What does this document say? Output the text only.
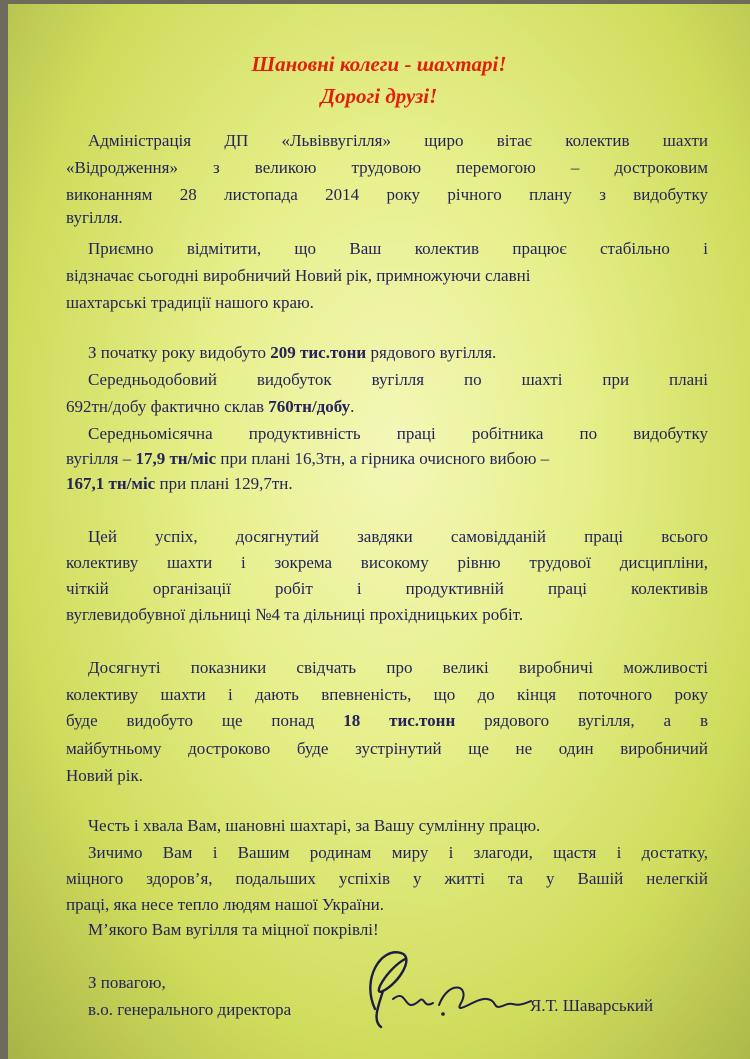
Шановні колеги - шахтарі!
Дорогі друзі!
Адміністрація ДП «Львіввугілля» щиро вітає колектив шахти
«Відродження» з великою трудовою перемогою – достроковим
виконанням 28 листопада 2014 року річного плану з видобутку
вугілля.
Приємно відмітити, що Ваш колектив працює стабільно і
відзначає сьогодні виробничий Новий рік, примножуючи славні
шахтарські традиції нашого краю.
З початку року видобуто 209 тис.тони рядового вугілля.
Середньодобовий видобуток вугілля по шахті при плані
692тн/добу фактично склав 760тн/добу.
Середньомісячна продуктивність праці робітника по видобутку
вугілля – 17,9 тн/міс при плані 16,3тн, а гірника очисного вибою –
167,1 тн/міс при плані 129,7тн.
Цей успіх, досягнутий завдяки самовідданій праці всього
колективу шахти і зокрема високому рівню трудової дисципліни,
чіткій організації робіт і продуктивній праці колективів
вуглевидобувної дільниці №4 та дільниці прохідницьких робіт.
Досягнуті показники свідчать про великі виробничі можливості
колективу шахти і дають впевненість, що до кінця поточного року
буде видобуто ще понад 18 тис.тонн рядового вугілля, а в
майбутньому достроково буде зустрінутий ще не один виробничий
Новий рік.
Честь і хвала Вам, шановні шахтарі, за Вашу сумлінну працю.
Зичимо Вам і Вашим родинам миру і злагоди, щастя і достатку,
міцного здоров’я, подальших успіхів у житті та у Вашій нелегкій
праці, яка несе тепло людям нашої України.
М’якого Вам вугілля та міцної покрівлі!
З повагою,
в.о. генерального директора	Я.Т. Шаварський
